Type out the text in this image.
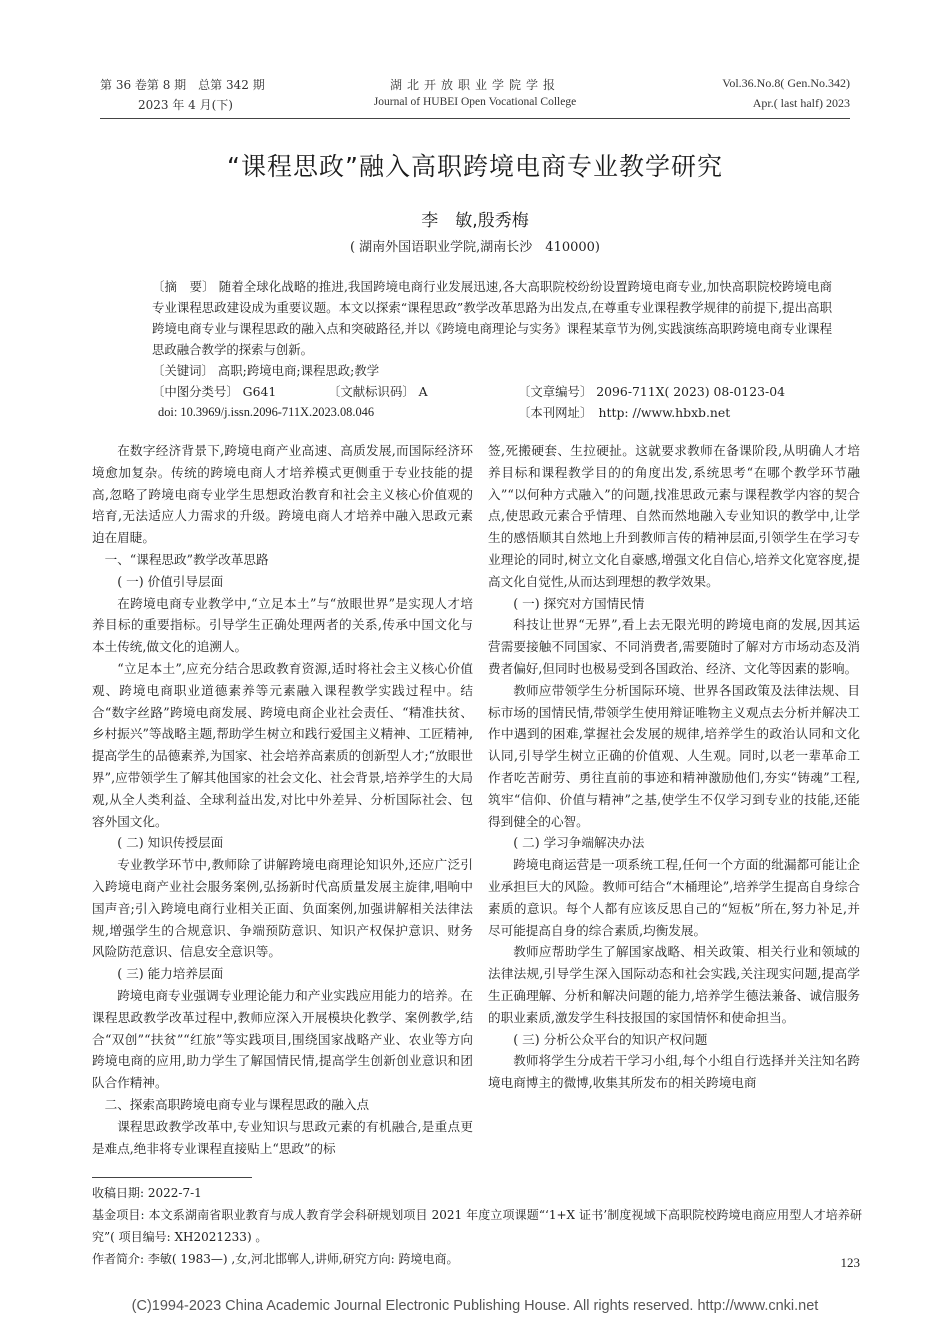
第 36 卷第 8 期　总第 342 期
2023 年 4 月(下)
湖北开放职业学院学报
Journal of HUBEI Open Vocational College
Vol.36.No.8( Gen.No.342)
Apr.( last half) 2023
“课程思政”融入高职跨境电商专业教学研究
李　敏,殷秀梅
( 湖南外国语职业学院,湖南长沙　410000)
〔摘　要〕 随着全球化战略的推进,我国跨境电商行业发展迅速,各大高职院校纷纷设置跨境电商专业,加快高职院校跨境电商专业课程思政建设成为重要议题。本文以探索“课程思政”教学改革思路为出发点,在尊重专业课程教学规律的前提下,提出高职跨境电商专业与课程思政的融入点和突破路径,并以《跨境电商理论与实务》课程某章节为例,实践演练高职跨境电商专业课程思政融合教学的探索与创新。
〔关键词〕 高职;跨境电商;课程思政;教学
〔中图分类号〕 G641	〔文献标识码〕 A	〔文章编号〕 2096-711X( 2023) 08-0123-04
doi: 10.3969/j.issn.2096-711X.2023.08.046	〔本刊网址〕　http: //www.hbxb.net

在数字经济背景下,跨境电商产业高速、高质发展,而国际经济环境愈加复杂。传统的跨境电商人才培养模式更侧重于专业技能的提高,忽略了跨境电商专业学生思想政治教育和社会主义核心价值观的培育,无法适应人力需求的升级。跨境电商人才培养中融入思政元素迫在眉睫。

一、“课程思政”教学改革思路

( 一) 价值引导层面

在跨境电商专业教学中,“立足本土”与“放眼世界”是实现人才培养目标的重要指标。引导学生正确处理两者的关系,传承中国文化与本土传统,做文化的追溯人。

“立足本土”,应充分结合思政教育资源,适时将社会主义核心价值观、跨境电商职业道德素养等元素融入课程教学实践过程中。结合“数字丝路”跨境电商发展、跨境电商企业社会责任、“精准扶贫、乡村振兴”等战略主题,帮助学生树立和践行爱国主义精神、工匠精神,提高学生的品德素养,为国家、社会培养高素质的创新型人才;“放眼世界”,应带领学生了解其他国家的社会文化、社会背景,培养学生的大局观,从全人类利益、全球利益出发,对比中外差异、分析国际社会、包容外国文化。

( 二) 知识传授层面

专业教学环节中,教师除了讲解跨境电商理论知识外,还应广泛引入跨境电商产业社会服务案例,弘扬新时代高质量发展主旋律,唱响中国声音;引入跨境电商行业相关正面、负面案例,加强讲解相关法律法规,增强学生的合规意识、争端预防意识、知识产权保护意识、财务风险防范意识、信息安全意识等。

( 三) 能力培养层面

跨境电商专业强调专业理论能力和产业实践应用能力的培养。在课程思政教学改革过程中,教师应深入开展模块化教学、案例教学,结合“双创”“扶贫”“红旅”等实践项目,围绕国家战略产业、农业等方向跨境电商的应用,助力学生了解国情民情,提高学生创新创业意识和团队合作精神。

二、探索高职跨境电商专业与课程思政的融入点

课程思政教学改革中,专业知识与思政元素的有机融合,是重点更是难点,绝非将专业课程直接贴上“思政”的标

签,死搬硬套、生拉硬扯。这就要求教师在备课阶段,从明确人才培养目标和课程教学目的的角度出发,系统思考“在哪个教学环节融入”“以何种方式融入”的问题,找准思政元素与课程教学内容的契合点,使思政元素合乎情理、自然而然地融入专业知识的教学中,让学生的感悟顺其自然地上升到教师言传的精神层面,引领学生在学习专业理论的同时,树立文化自豪感,增强文化自信心,培养文化宽容度,提高文化自觉性,从而达到理想的教学效果。

( 一) 探究对方国情民情

科技让世界“无界”,看上去无限光明的跨境电商的发展,因其运营需要接触不同国家、不同消费者,需要随时了解对方市场动态及消费者偏好,但同时也极易受到各国政治、经济、文化等因素的影响。

教师应带领学生分析国际环境、世界各国政策及法律法规、目标市场的国情民情,带领学生使用辩证唯物主义观点去分析并解决工作中遇到的困难,掌握社会发展的规律,培养学生的政治认同和文化认同,引导学生树立正确的价值观、人生观。同时,以老一辈革命工作者吃苦耐劳、勇往直前的事迹和精神激励他们,夯实“铸魂”工程,筑牢“信仰、价值与精神”之基,使学生不仅学习到专业的技能,还能得到健全的心智。

( 二) 学习争端解决办法

跨境电商运营是一项系统工程,任何一个方面的纰漏都可能让企业承担巨大的风险。教师可结合“木桶理论”,培养学生提高自身综合素质的意识。每个人都有应该反思自己的“短板”所在,努力补足,并尽可能提高自身的综合素质,均衡发展。

教师应帮助学生了解国家战略、相关政策、相关行业和领域的法律法规,引导学生深入国际动态和社会实践,关注现实问题,提高学生正确理解、分析和解决问题的能力,培养学生德法兼备、诚信服务的职业素质,激发学生科技报国的家国情怀和使命担当。

( 三) 分析公众平台的知识产权问题

教师将学生分成若干学习小组,每个小组自行选择并关注知名跨境电商博主的微博,收集其所发布的相关跨境电商

收稿日期: 2022-7-1
基金项目: 本文系湖南省职业教育与成人教育学会科研规划项目 2021 年度立项课题“‘1+X 证书’制度视域下高职院校跨境电商应用型人才培养研究”( 项目编号: XH2021233) 。
作者简介: 李敏( 1983—) ,女,河北邯郸人,讲师,研究方向: 跨境电商。	123
(C)1994-2023 China Academic Journal Electronic Publishing House. All rights reserved. http://www.cnki.net
